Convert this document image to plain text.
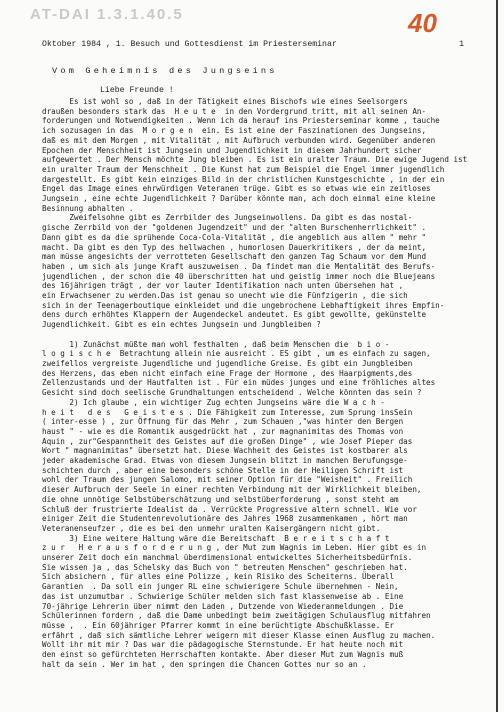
AT-DAI 1.3.1.40.5	40
Oktober 1984 , 1. Besuch und Gottesdienst im Priesterseminar	1
Vom Geheimnis des Jungseins
Liebe Freunde !
Es ist wohl so , daß in der Tätigkeit eines Bischofs wie eines Seelsorgers
draußen besonders stark das  H e u t e  in den Vordergrund tritt, mit all seinen An-
forderungen und Notwendigkeiten . Wenn ich da herauf ins Priesterseminar komme , tauche
ich sozusagen in das  M o r g e n  ein. Es ist eine der Faszinationen des Jungseins,
daß es mit dem Morgen , mit Vitalität , mit Aufbruch verbunden wird. Gegenüber anderen
Epochen der Menschheit ist Jungsein und Jugendlichkeit in diesem Jahrhundert sicher
aufgewertet . Der Mensch möchte Jung bleiben . Es ist ein uralter Traum. Die ewige Jugend ist
ein uralter Traum der Menschheit . Die Kunst hat zum Beispiel die Engel immer jugendlich
dargestellt. Es gibt kein einziges Bild in der christlichen Kunstgeschichte , in der ein
Engel das Image eines ehrwürdigen Veteranen trüge. Gibt es so etwas wie ein zeitloses
Jungsein , eine echte Jugendlichkeit ? Darüber könnte man, ach doch einmal eine kleine
Besinnung abhalten .
Zweifelsohne gibt es Zerrbilder des Jungseinwollens. Da gibt es das nostal-
gische Zerrbild von der "goldenen Jugendzeit" und der "alten Burschenherrlichkeit" .
Dann gibt es da die sprühende Coca-Cola-Vitalität , die angeblich aus allem " mehr "
macht. Da gibt es den Typ des hellwachen , humorlosen Dauerkritikers , der da meint,
man müsse angesichts der verrotteten Gesellschaft den ganzen Tag Schaum vor dem Mund
haben , um sich als junge Kraft auszuweisen . Da findet man die Mentalität des Berufs-
jugendlichen , der schon die 40 überschritten hat und geistig immer noch die Bluejeans
des 16jährigen trägt , der vor lauter Identifikation nach unten übersehen hat ,
ein Erwachsener zu werden.Das ist genau so unecht wie die Fünfzigerin , die sich
sich in der Teenagerboutique einkleidet und die ungebrochene Lebhaftigkeit ihres Empfin-
dens durch erhöhtes Klappern der Augendeckel andeutet. Es gibt gewollte, gekünstelte
Jugendlichkeit. Gibt es ein echtes Jungsein und Jungbleiben ?

1) Zunächst müßte man wohl festhalten , daß beim Menschen die  b i o -
l o g i s c h e  Betrachtung allein nie ausreicht . ES gibt , um es einfach zu sagen,
zweifellos vergreiste Jugendliche und jugendliche Greise. Es gibt ein Jungbleiben
des Herzens, das eben nicht einfach eine Frage der Hormone , des Haarpigments,des
Zellenzustands und der Hautfalten ist . Für ein müdes junges und eine fröhliches altes
Gesicht sind doch seelische Grundhaltungen entscheidend . Welche könnten das sein ?
2) Ich glaube , ein wichtiger Zug echten Jungseins wäre die W a c h -
h e i t   d e s   G e i s t e s . Die Fähigkeit zum Interesse, zum Sprung insSein
( inter-esse ) , zur Öffnung für das Mehr , zum Schauen ,"was hinter den Bergen
haust " - wie es die Romantik ausgedrückt hat , zur magnanimitas des Thomas von
Aquin , zur"Gespanntheit des Geistes auf die großen Dinge" , wie Josef Pieper das
Wort " magnanimitas" übersetzt hat. Diese Wachheit des Geistes ist kostbarer als
jeder akademische Grad. Etwas von diesem Jungsein blitzt in manchen Berufungsge-
schichten durch , aber eine besonders schöne Stelle in der Heiligen Schrift ist
wohl der Traum des jungen Salomo, mit seiner Option für die "Weisheit" . Freilich
dieser Aufbruch der Seele in einer rechten Verbindung mit der Wirklichkeit bleiben,
die ohne unnötige Selbstüberschätzung und selbstüberforderung , sonst steht am
Schluß der frustrierte Idealist da . Verrückte Progressive altern schnell. Wie vor
einiger Zeit die Studentenrevolutionäre des Jahres 1968 zusammenkamen , hört man
Veteranenseufzer , die es bei den unmehr uralten Kaisergängern nicht gibt.
3) Eine weitere Haltung wäre die Bereitschaft  B e r e i t s c h a f t
z u r   H e r a u s f o r d e r u n g , der Mut zum Wagnis im Leben. Hier gibt es in
unserer Zeit doch ein manchmal überdimensional entwickeltes Sicherheitsbedürfnis.
Sie wissen ja , das Schelsky das Buch von " betreuten Menschen" geschrieben hat.
Sich absichern , für alles eine Polizze , kein Risiko des Scheiterns. Überall
Garantien  . Da soll ein junger RL eine schwierigere Schule übernehmen - Nein,
das ist unzumutbar . Schwierige Schüler melden sich fast klassenweise ab . Eine
70-jährige Lehrerin über nimmt den Laden , Dutzende von Wiederanmeldungen . Die
Schülerinnen fordern , daß die Dame unbedingt beim zweitägigen Schulausflug mitfahren
müsse ,  . Ein 60jähriger Pfarrer kommt in eine berüchtigte Abschußklasse. Er
erfährt , daß sich sämtliche Lehrer weigern mit dieser Klasse einen Ausflug zu machen.
Wollt ihr mit mir ? Das war die pädagogische Sternstunde. Er hat heute noch mit
den einst so gefürchteten Herrschaften kontakte. Aber dieser Mut zum Wagnis muß
halt da sein . Wer im hat , den springen die Chancen Gottes nur so an .
